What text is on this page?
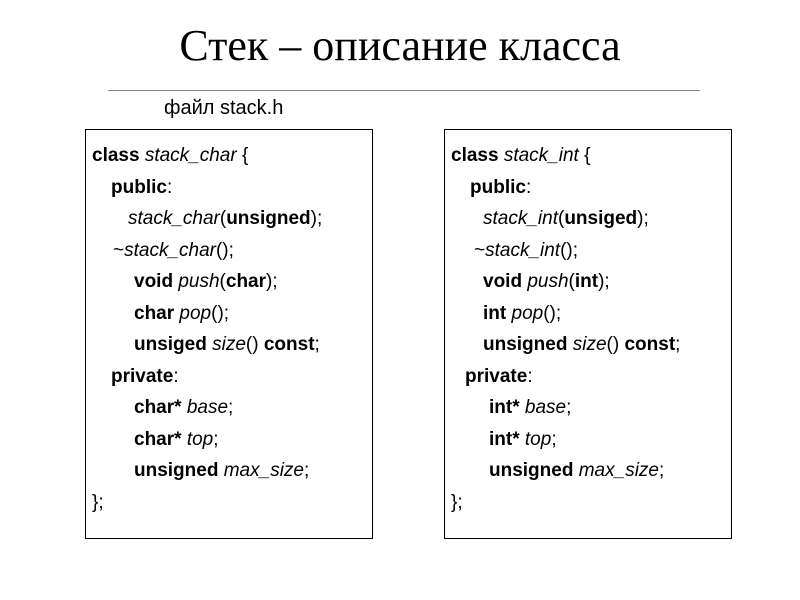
Стек – описание класса
файл stack.h
class stack_char {
public:
stack_char(unsigned);
~stack_char();
void push(char);
char pop();
unsiged size() const;
private:
char* base;
char* top;
unsigned max_size;
};
class stack_int {
public:
stack_int(unsiged);
~stack_int();
void push(int);
int pop();
unsigned size() const;
private:
int* base;
int* top;
unsigned max_size;
};
